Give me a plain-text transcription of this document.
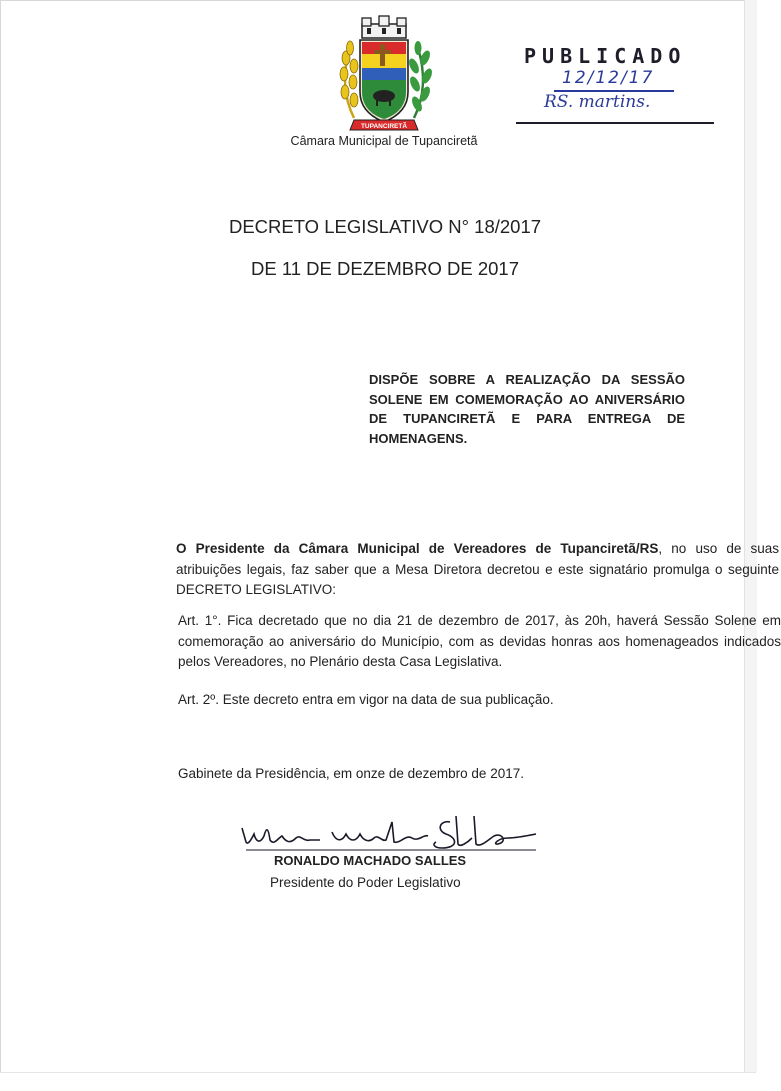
TUPANCIRETÃ
Câmara Municipal de Tupanciretã
PUBLICADO
12/12/17
RS. martins.
DECRETO LEGISLATIVO N° 18/2017
DE 11 DE DEZEMBRO DE 2017
DISPÕE SOBRE A REALIZAÇÃO DA SESSÃO SOLENE EM COMEMORAÇÃO AO ANIVERSÁRIO DE TUPANCIRETÃ E PARA ENTREGA DE HOMENAGENS.
O Presidente da Câmara Municipal de Vereadores de Tupanciretã/RS, no uso de suas atribuições legais, faz saber que a Mesa Diretora decretou e este signatário promulga o seguinte DECRETO LEGISLATIVO:
Art. 1°. Fica decretado que no dia 21 de dezembro de 2017, às 20h, haverá Sessão Solene em comemoração ao aniversário do Município, com as devidas honras aos homenageados indicados pelos Vereadores, no Plenário desta Casa Legislativa.
Art. 2º. Este decreto entra em vigor na data de sua publicação.
Gabinete da Presidência, em onze de dezembro de 2017.
RONALDO MACHADO SALLES
Presidente do Poder Legislativo
